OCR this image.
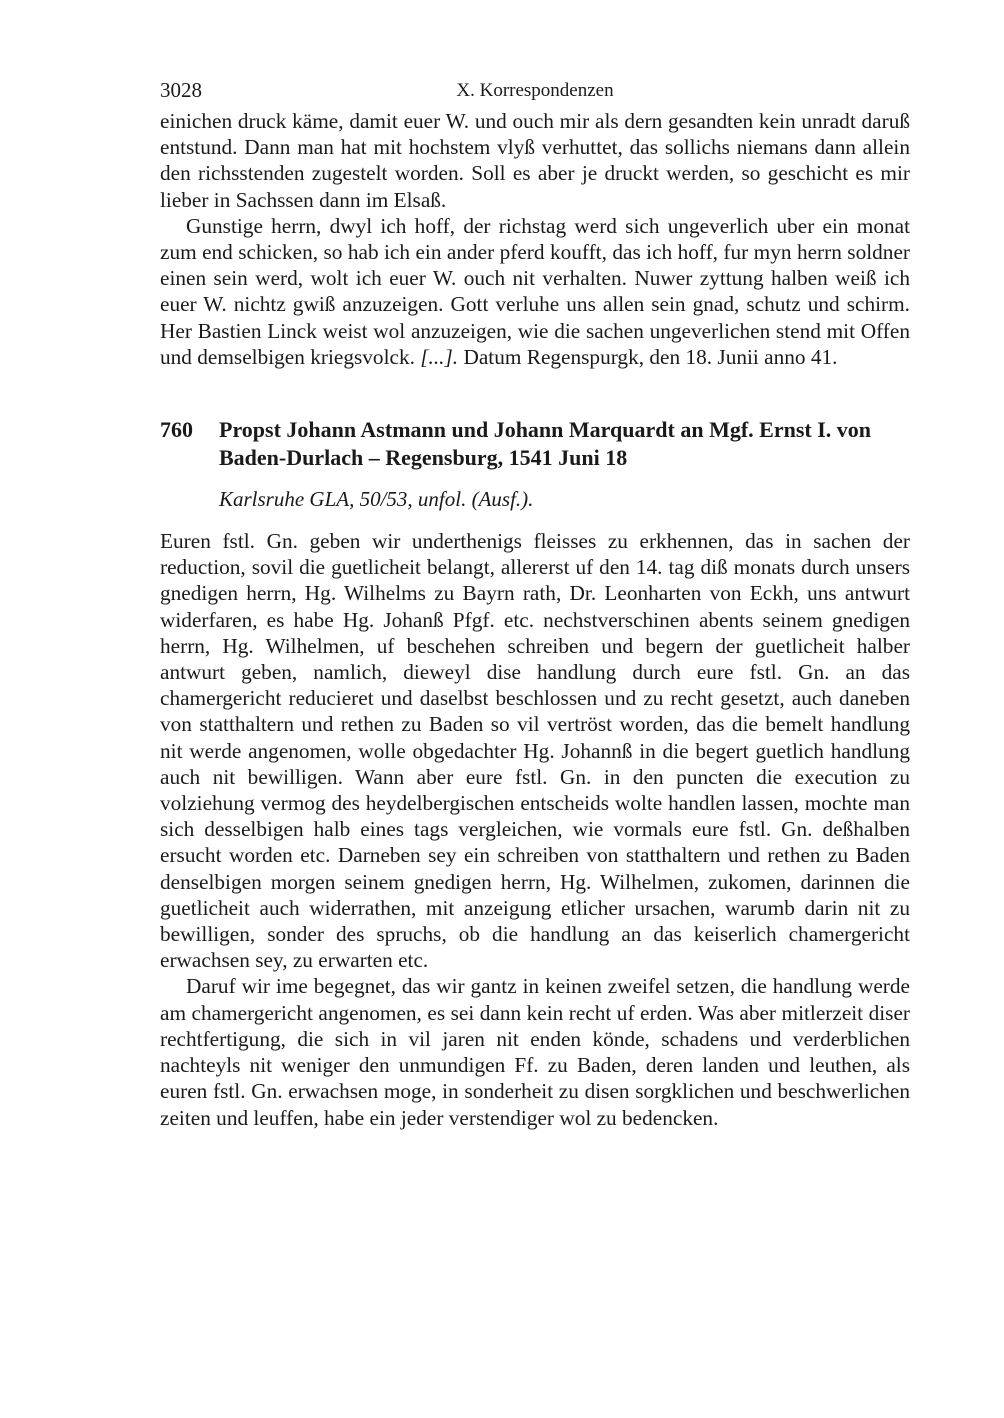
3028	X. Korrespondenzen

einichen druck käme, damit euer W. und ouch mir als dern gesandten kein unradt daruß entstund. Dann man hat mit hochstem vlyß verhuttet, das sollichs niemans dann allein den richsstenden zugestelt worden. Soll es aber je druckt werden, so geschicht es mir lieber in Sachssen dann im Elsaß.

Gunstige herrn, dwyl ich hoff, der richstag werd sich ungeverlich uber ein monat zum end schicken, so hab ich ein ander pferd koufft, das ich hoff, fur myn herrn soldner einen sein werd, wolt ich euer W. ouch nit verhalten. Nuwer zyttung halben weiß ich euer W. nichtz gwiß anzuzeigen. Gott verluhe uns allen sein gnad, schutz und schirm. Her Bastien Linck weist wol anzuzeigen, wie die sachen ungeverlichen stend mit Offen und demselbigen kriegsvolck. [...]. Datum Regenspurgk, den 18. Junii anno 41.

760	Propst Johann Astmann und Johann Marquardt an Mgf. Ernst I. von Baden-Durlach – Regensburg, 1541 Juni 18
Karlsruhe GLA, 50/53, unfol. (Ausf.).

Euren fstl. Gn. geben wir underthenigs fleisses zu erkhennen, das in sachen der reduction, sovil die guetlicheit belangt, allererst uf den 14. tag diß monats durch unsers gnedigen herrn, Hg. Wilhelms zu Bayrn rath, Dr. Leonharten von Eckh, uns antwurt widerfaren, es habe Hg. Johanß Pfgf. etc. nechstverschinen abents seinem gnedigen herrn, Hg. Wilhelmen, uf beschehen schreiben und begern der guetlicheit halber antwurt geben, namlich, dieweyl dise handlung durch eure fstl. Gn. an das chamergericht reducieret und daselbst beschlossen und zu recht gesetzt, auch daneben von statthaltern und rethen zu Baden so vil vertröst worden, das die bemelt handlung nit werde angenomen, wolle obgedachter Hg. Johannß in die begert guetlich handlung auch nit bewilligen. Wann aber eure fstl. Gn. in den puncten die execution zu volziehung vermog des heydelbergischen entscheids wolte handlen lassen, mochte man sich desselbigen halb eines tags vergleichen, wie vormals eure fstl. Gn. deßhalben ersucht worden etc. Darneben sey ein schreiben von statthaltern und rethen zu Baden denselbigen morgen seinem gnedigen herrn, Hg. Wilhelmen, zukomen, darinnen die guetlicheit auch widerrathen, mit anzeigung etlicher ursachen, warumb darin nit zu bewilligen, sonder des spruchs, ob die handlung an das keiserlich chamergericht erwachsen sey, zu erwarten etc.

Daruf wir ime begegnet, das wir gantz in keinen zweifel setzen, die handlung werde am chamergericht angenomen, es sei dann kein recht uf erden. Was aber mitlerzeit diser rechtfertigung, die sich in vil jaren nit enden könde, schadens und verderblichen nachteyls nit weniger den unmundigen Ff. zu Baden, deren landen und leuthen, als euren fstl. Gn. erwachsen moge, in sonderheit zu disen sorgklichen und beschwerlichen zeiten und leuffen, habe ein jeder verstendiger wol zu bedencken.
